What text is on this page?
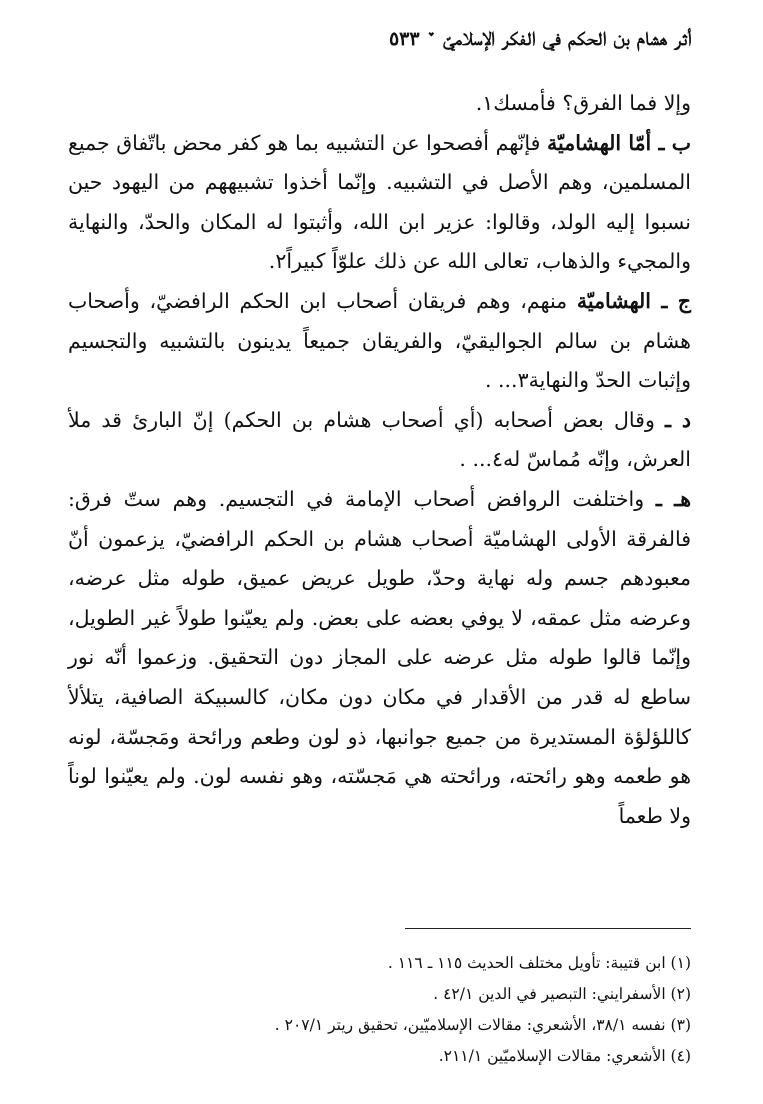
أثر هشام بن الحكم في الفكر الإسلاميّ ﮸ ٥٣٣

وإلا فما الفرق؟ فأمسك١.

ب ـ أمّا الهشاميّة فإنّهم أفصحوا عن التشبيه بما هو كفر محض باتّفاق جميع المسلمين، وهم الأصل في التشبيه. وإنّما أخذوا تشبيههم من اليهود حين نسبوا إليه الولد، وقالوا: عزير ابن الله، وأثبتوا له المكان والحدّ، والنهاية والمجيء والذهاب، تعالى الله عن ذلك علوّاً كبيراً٢.

ج ـ الهشاميّة منهم، وهم فريقان أصحاب ابن الحكم الرافضيّ، وأصحاب هشام بن سالم الجواليقيّ، والفريقان جميعاً يدينون بالتشبيه والتجسيم وإثبات الحدّ والنهاية٣... .

د ـ وقال بعض أصحابه (أي أصحاب هشام بن الحكم) إنّ البارئ قد ملأ العرش، وإنّه مُماسّ له٤... .

هـ ـ واختلفت الروافض أصحاب الإمامة في التجسيم. وهم ستّ فرق: فالفرقة الأولى الهشاميّة أصحاب هشام بن الحكم الرافضيّ، يزعمون أنّ معبودهم جسم وله نهاية وحدّ، طويل عريض عميق، طوله مثل عرضه، وعرضه مثل عمقه، لا يوفي بعضه على بعض. ولم يعيّنوا طولاً غير الطويل، وإنّما قالوا طوله مثل عرضه على المجاز دون التحقيق. وزعموا أنّه نور ساطع له قدر من الأقدار في مكان دون مكان، كالسبيكة الصافية، يتلألأ كاللؤلؤة المستديرة من جميع جوانبها، ذو لون وطعم ورائحة ومَجسّة، لونه هو طعمه وهو رائحته، ورائحته هي مَجسّته، وهو نفسه لون. ولم يعيّنوا لوناً ولا طعماً

(١) ابن قتيبة: تأويل مختلف الحديث ١١٥ ـ ١١٦ .

(٢) الأسفرايني: التبصير في الدين ٤٢/١ .

(٣) نفسه ٣٨/١، الأشعري: مقالات الإسلاميّين، تحقيق ريتر ٢٠٧/١ .

(٤) الأشعري: مقالات الإسلاميّين ٢١١/١.
